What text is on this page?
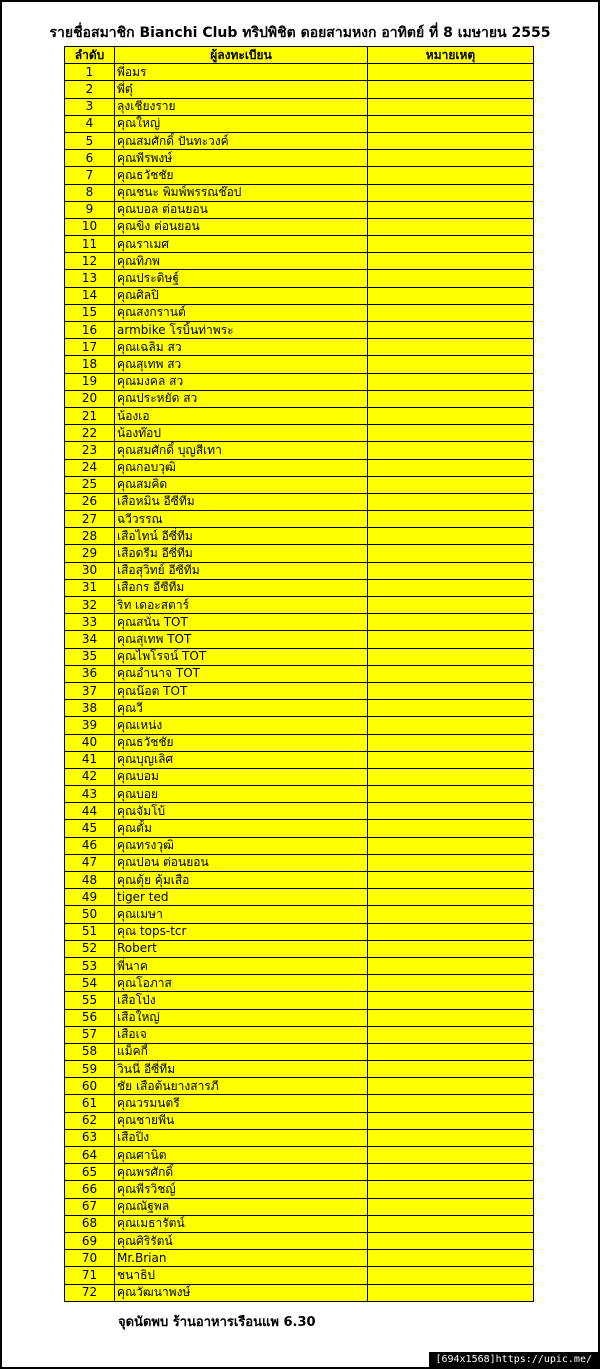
รายชื่อสมาชิก Bianchi Club ทริปพิชิต ดอยสามหงก อาทิตย์ ที่ 8 เมษายน 2555
ลำดับ	ผู้ลงทะเบียน	หมายเหตุ
1	พี่อมร	
2	พี่ตุ๋	
3	ลุงเชียงราย	
4	คุณใหญ่	
5	คุณสมศักดิ์ ปันทะวงค์	
6	คุณพีรพงษ์	
7	คุณธวัชชัย	
8	คุณชนะ พิมพ์พรรณช๊อป	
9	คุณบอล ต่อนยอน	
10	คุณขิง ต่อนยอน	
11	คุณราเมศ	
12	คุณทิภพ	
13	คุณประดิษฐ์	
14	คุณศิลปิ	
15	คุณสงกรานต์	
16	armbike โรบิ้นท่าพระ	
17	คุณเฉลิม สว	
18	คุณสุเทพ สว	
19	คุณมงคล สว	
20	คุณประหยัด สว	
21	น้องเอ	
22	น้องท๊อป	
23	คุณสมศักดิ์ บุญสีเทา	
24	คุณกอบวุฒิ	
25	คุณสมคิด	
26	เสือหมิน อีซี่ทีม	
27	ฉวีวรรณ	
28	เสือไทน์ อีซี่ทีม	
29	เสือดรีม อีซี่ทีม	
30	เสือสุวิทย์ อีซี่ทีม	
31	เสือกร อีซี่ทีม	
32	ริท เดอะสตาร์	
33	คุณสนั่น TOT	
34	คุณสุเทพ TOT	
35	คุณไพโรจน์ TOT	
36	คุณอำนาจ TOT	
37	คุณน๊อต TOT	
38	คุณวี	
39	คุณเหน่ง	
40	คุณธวัชชัย	
41	คุณบุญเลิศ	
42	คุณบอม	
43	คุณบอย	
44	คุณจัมโบ้	
45	คุณตั้ม	
46	คุณทรงวุฒิ	
47	คุณปอน ต่อนยอน	
48	คุณตุ้ย คุ้มเสือ	
49	tiger ted	
50	คุณเมษา	
51	คุณ tops-tcr	
52	Robert	
53	พี่นาค	
54	คุณโอภาส	
55	เสือโป่ง	
56	เสือใหญ่	
57	เสือเจ	
58	แม็คกี้	
59	วินนี่ อีซี่ทีม	
60	ชัย เสือต้นยางสารภี	
61	คุณวรมนตรี	
62	คุณชายพี่น	
63	เสือปิ๋ง	
64	คุณศานิต	
65	คุณพรศักดิ์	
66	คุณพีรวิชญ์	
67	คุณณัฐพล	
68	คุณเมธารัตน์	
69	คุณศิริรัตน์	
70	Mr.Brian	
71	ชนาธิป	
72	คุณวัฒนาพงษ์	
จุดนัดพบ ร้านอาหารเรือนแพ 6.30
[694x1568]https://upic.me/
